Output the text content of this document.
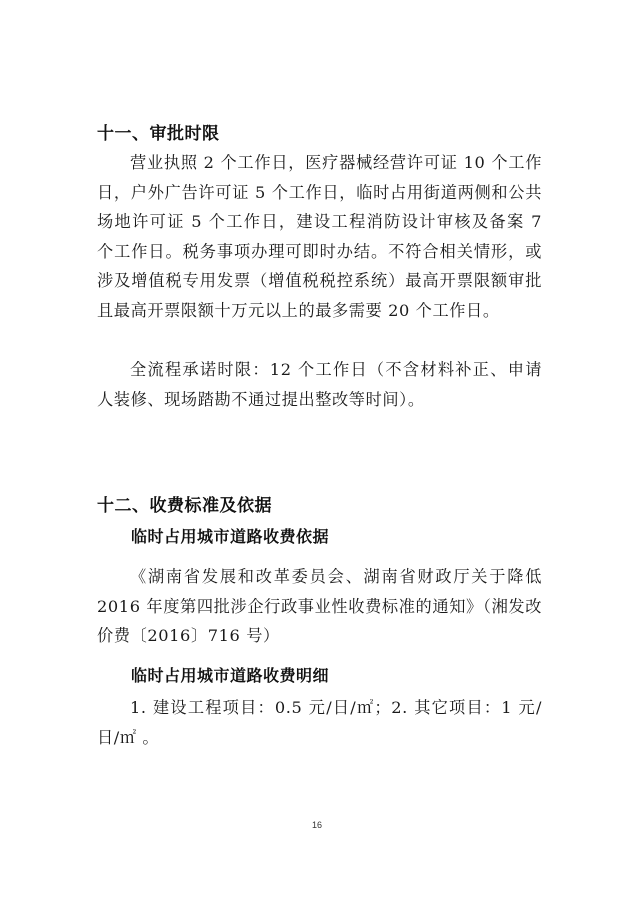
十一、审批时限

营业执照 2 个工作日，医疗器械经营许可证 10 个工作日，户外广告许可证 5 个工作日，临时占用街道两侧和公共场地许可证 5 个工作日，建设工程消防设计审核及备案 7 个工作日。税务事项办理可即时办结。不符合相关情形，或涉及增值税专用发票（增值税税控系统）最高开票限额审批且最高开票限额十万元以上的最多需要 20 个工作日。

全流程承诺时限：12 个工作日（不含材料补正、申请人装修、现场踏勘不通过提出整改等时间）。

十二、收费标准及依据
临时占用城市道路收费依据

《湖南省发展和改革委员会、湖南省财政厅关于降低 2016 年度第四批涉企行政事业性收费标准的通知》（湘发改价费〔2016〕716 号）

临时占用城市道路收费明细

1. 建设工程项目：0.5 元/日/㎡；2. 其它项目：1 元/日/㎡ 。

16
